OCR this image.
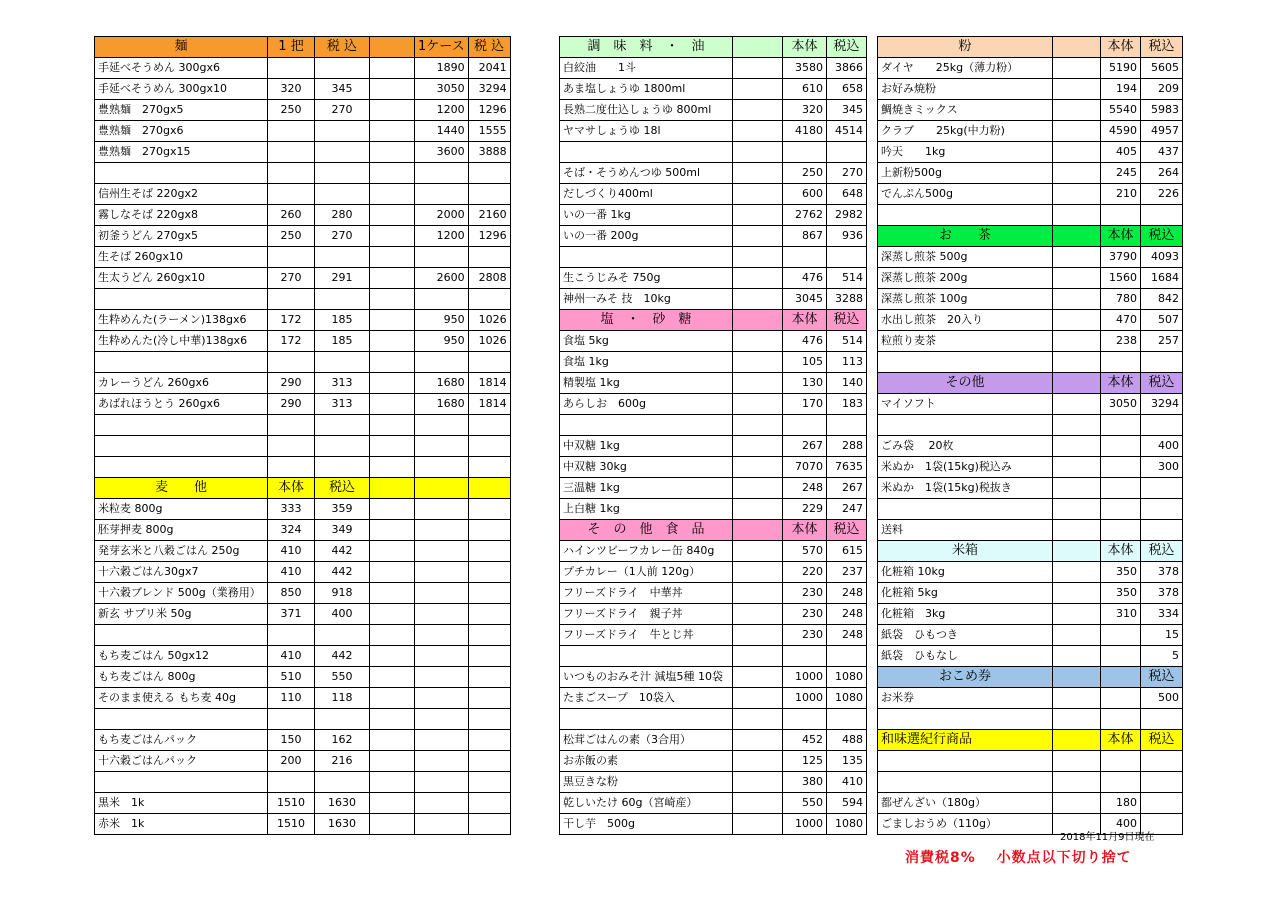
麺	1 把	税 込		1ケース	税 込
手延べそうめん 300gx6				1890	2041
手延べそうめん 300gx10	320	345		3050	3294
豊熟麺　270gx5	250	270		1200	1296
豊熟麺　270gx6				1440	1555
豊熟麺　270gx15				3600	3888

信州生そば 220gx2					
霧しなそば 220gx8	260	280		2000	2160
初釜うどん 270gx5	250	270		1200	1296
生そば 260gx10					
生太うどん 260gx10	270	291		2600	2808

生粋めんた(ラーメン)138gx6	172	185		950	1026
生粋めんた(冷し中華)138gx6	172	185		950	1026

カレーうどん 260gx6	290	313		1680	1814
あばれほうとう 260gx6	290	313		1680	1814

麦　　他	本体	税込			
米粒麦 800g	333	359			
胚芽押麦 800g	324	349			
発芽玄米と八穀ごはん 250g	410	442			
十六穀ごはん30gx7	410	442			
十六穀ブレンド 500g（業務用）	850	918			
新玄 サプリ米 50g	371	400			

もち麦ごはん 50gx12	410	442			
もち麦ごはん 800g	510	550			
そのまま使える もち麦 40g	110	118			

もち麦ごはんパック	150	162			
十六穀ごはんパック	200	216			

黒米　1k	1510	1630			
赤米　1k	1510	1630			
調　味　料　・　油		本体	税込
白絞油　　1斗		3580	3866
あま塩しょうゆ 1800ml		610	658
長熟二度仕込しょうゆ 800ml		320	345
ヤマサしょうゆ 18l		4180	4514

そば・そうめんつゆ 500ml		250	270
だしづくり400ml		600	648
いの一番 1kg		2762	2982
いの一番 200g		867	936

生こうじみそ 750g		476	514
神州一みそ 技　10kg		3045	3288
塩　・　砂　糖		本体	税込
食塩 5kg		476	514
食塩 1kg		105	113
精製塩 1kg		130	140
あらしお　600g		170	183

中双糖 1kg		267	288
中双糖 30kg		7070	7635
三温糖 1kg		248	267
上白糖 1kg		229	247
そ　の　他　食　品		本体	税込
ハインツビーフカレー缶 840g		570	615
プチカレー（1人前 120g）		220	237
フリーズドライ　中華丼		230	248
フリーズドライ　親子丼		230	248
フリーズドライ　牛とじ丼		230	248

いつものおみそ汁 減塩5種 10袋		1000	1080
たまごスープ　10袋入		1000	1080

松茸ごはんの素（3合用）		452	488
お赤飯の素		125	135
黒豆きな粉		380	410
乾しいたけ 60g（宮崎産）		550	594
干し芋　500g		1000	1080
粉		本体	税込
ダイヤ　　25kg（薄力粉）		5190	5605
お好み焼粉		194	209
鯛焼きミックス		5540	5983
クラブ　　25kg(中力粉)		4590	4957
吟天　　1kg		405	437
上新粉500g		245	264
でんぷん500g		210	226

お　　茶		本体	税込
深蒸し煎茶 500g		3790	4093
深蒸し煎茶 200g		1560	1684
深蒸し煎茶 100g		780	842
水出し煎茶　20入り		470	507
粒煎り麦茶		238	257

その他		本体	税込
マイソフト		3050	3294

ごみ袋　 20枚			400
米ぬか　1袋(15kg)税込み			300
米ぬか　1袋(15kg)税抜き			

送料			
米箱		本体	税込
化粧箱 10kg		350	378
化粧箱 5kg		350	378
化粧箱　3kg		310	334
紙袋　ひもつき			15
紙袋　ひもなし			5
おこめ券			税込
お米券			500

和味選紀行商品		本体	税込

都ぜんざい（180g）		180	
ごましおうめ（110g）		400	
2018年11月9日現在
消費税8%　 小数点以下切り捨て
